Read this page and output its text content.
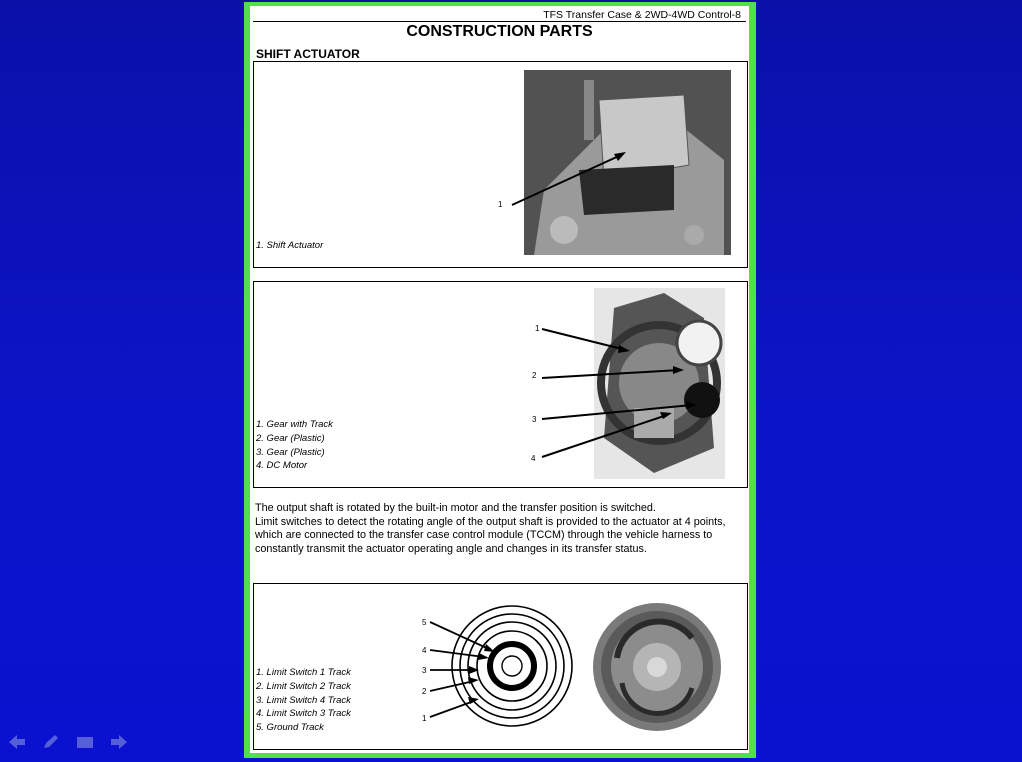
TFS Transfer Case & 2WD-4WD Control-8
CONSTRUCTION PARTS
SHIFT ACTUATOR
1. Shift Actuator
1
1. Gear with Track
2. Gear (Plastic)
3. Gear (Plastic)
4. DC Motor
1
2
3
4
The output shaft is rotated by the built-in motor and the transfer position is switched.
Limit switches to detect the rotating angle of the output shaft is provided to the actuator at 4 points,
which are connected to the transfer case control module (TCCM) through the vehicle harness to
constantly transmit the actuator operating angle and changes in its transfer status.
1. Limit Switch 1 Track
2. Limit Switch 2 Track
3. Limit Switch 4 Track
4. Limit Switch 3 Track
5. Ground Track
5
4
3
2
1
